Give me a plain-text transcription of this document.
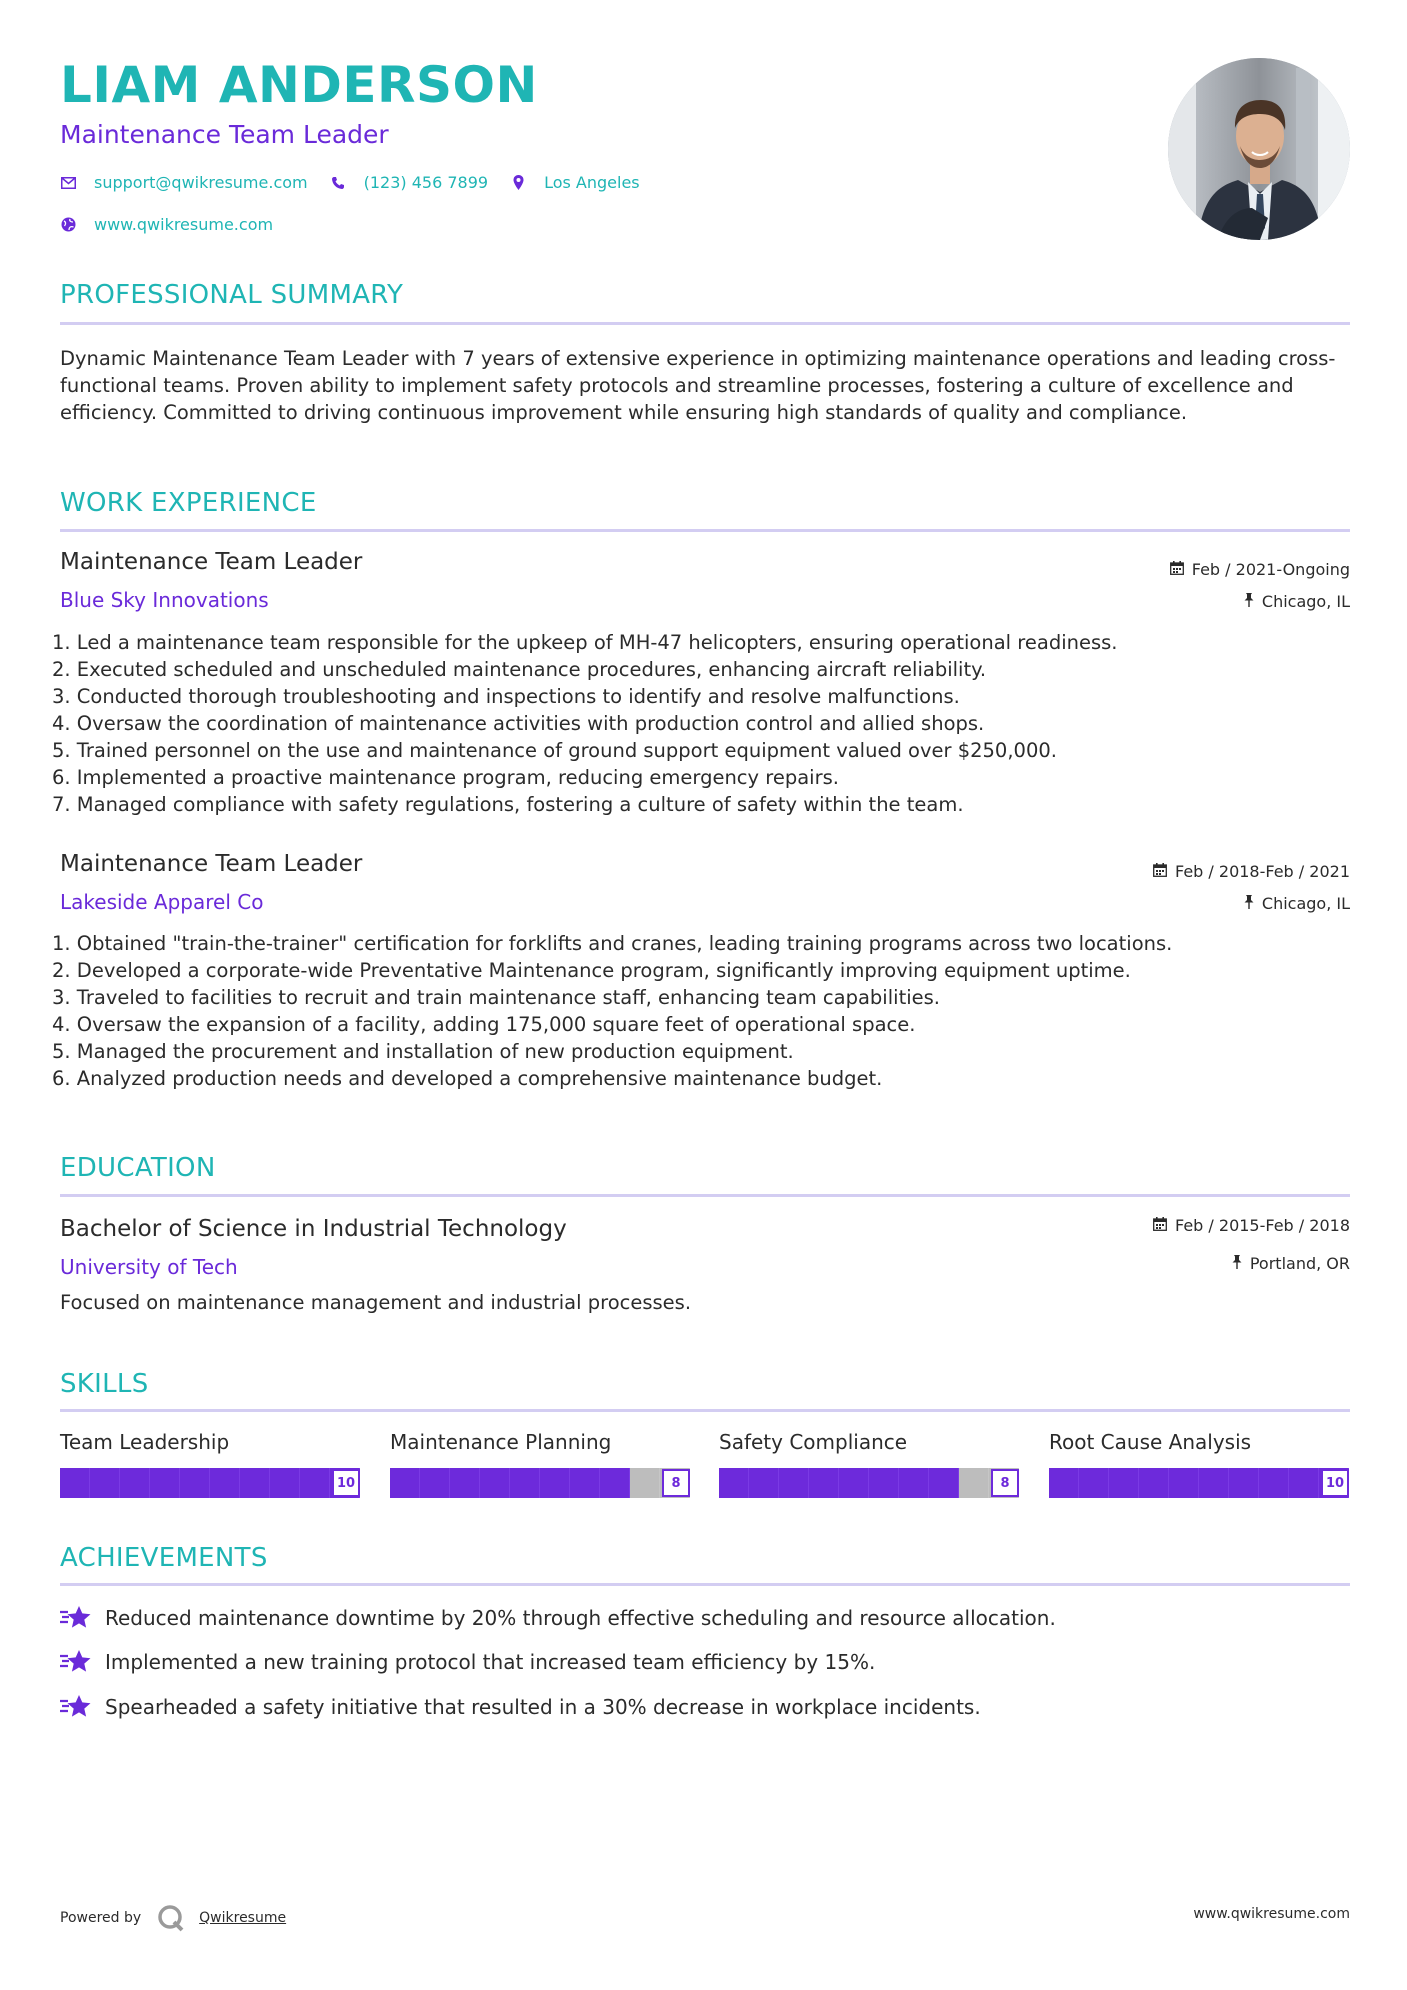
LIAM ANDERSON
Maintenance Team Leader
support@qwikresume.com	(123) 456 7899	Los Angeles
www.qwikresume.com
PROFESSIONAL SUMMARY
Dynamic Maintenance Team Leader with 7 years of extensive experience in optimizing maintenance operations and leading cross-functional teams. Proven ability to implement safety protocols and streamline processes, fostering a culture of excellence and efficiency. Committed to driving continuous improvement while ensuring high standards of quality and compliance.
WORK EXPERIENCE
Maintenance Team Leader
Blue Sky Innovations
Feb / 2021-Ongoing
Chicago, IL
1. Led a maintenance team responsible for the upkeep of MH-47 helicopters, ensuring operational readiness.
2. Executed scheduled and unscheduled maintenance procedures, enhancing aircraft reliability.
3. Conducted thorough troubleshooting and inspections to identify and resolve malfunctions.
4. Oversaw the coordination of maintenance activities with production control and allied shops.
5. Trained personnel on the use and maintenance of ground support equipment valued over $250,000.
6. Implemented a proactive maintenance program, reducing emergency repairs.
7. Managed compliance with safety regulations, fostering a culture of safety within the team.
Maintenance Team Leader
Lakeside Apparel Co
Feb / 2018-Feb / 2021
Chicago, IL
1. Obtained "train-the-trainer" certification for forklifts and cranes, leading training programs across two locations.
2. Developed a corporate-wide Preventative Maintenance program, significantly improving equipment uptime.
3. Traveled to facilities to recruit and train maintenance staff, enhancing team capabilities.
4. Oversaw the expansion of a facility, adding 175,000 square feet of operational space.
5. Managed the procurement and installation of new production equipment.
6. Analyzed production needs and developed a comprehensive maintenance budget.
EDUCATION
Bachelor of Science in Industrial Technology
University of Tech
Feb / 2015-Feb / 2018
Portland, OR
Focused on maintenance management and industrial processes.
SKILLS
Team Leadership
10
Maintenance Planning
8
Safety Compliance
8
Root Cause Analysis
10
ACHIEVEMENTS
Reduced maintenance downtime by 20% through effective scheduling and resource allocation.
Implemented a new training protocol that increased team efficiency by 15%.
Spearheaded a safety initiative that resulted in a 30% decrease in workplace incidents.
Powered by	Qwikresume	www.qwikresume.com
